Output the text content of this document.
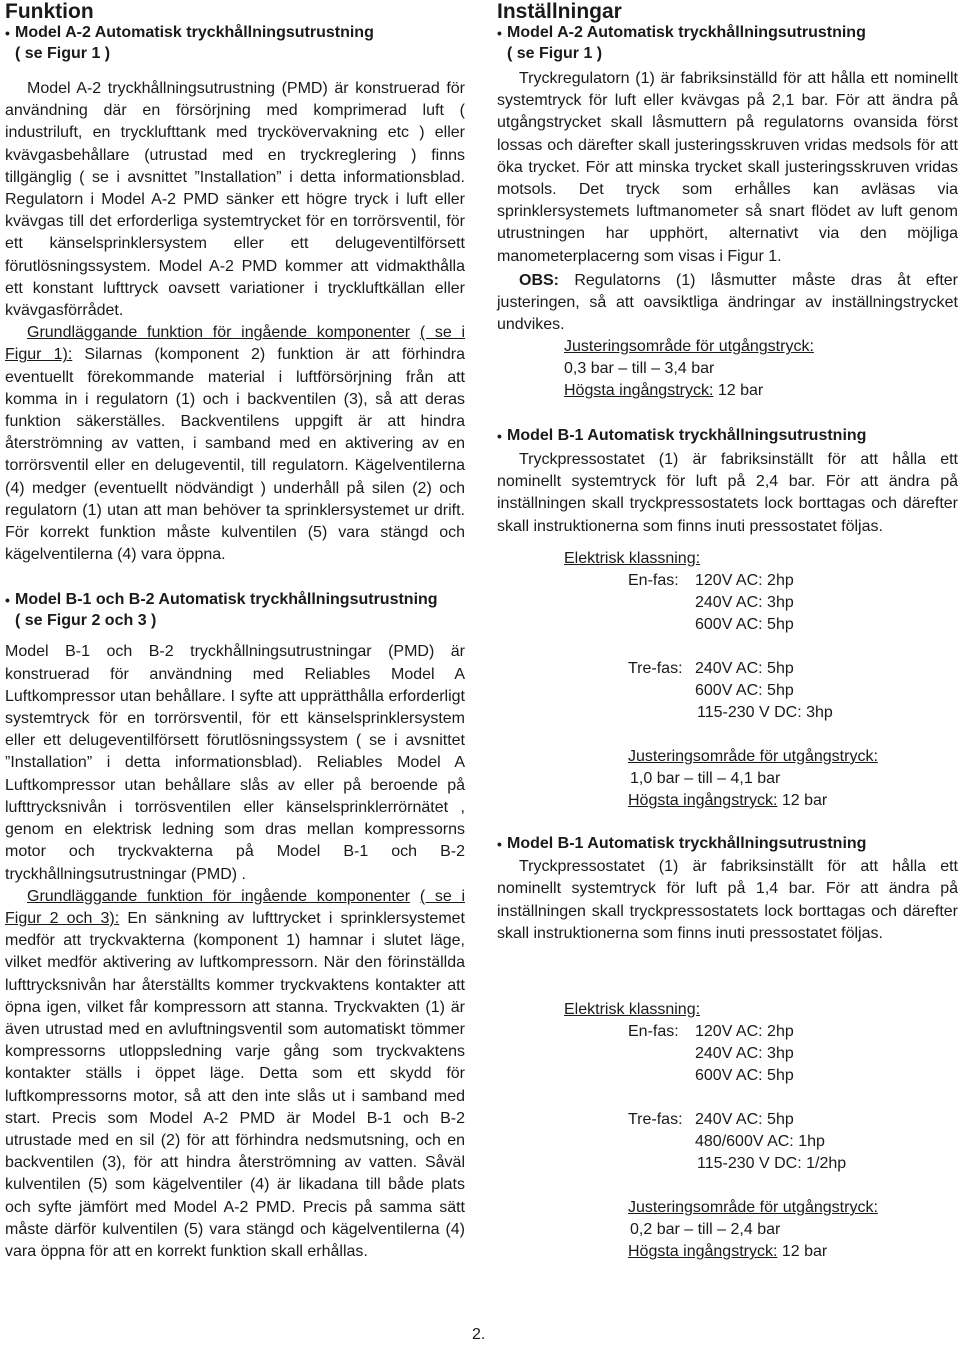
Funktion
• Model A-2 Automatisk tryckhållningsutrustning
( se Figur 1 )

Model A-2 tryckhållningsutrustning (PMD) är konstruerad för användning där en försörjning med komprimerad luft ( industriluft, en trycklufttank med tryckövervakning etc ) eller kvävgasbehållare (utrustad med en tryckreglering ) finns tillgänglig ( se i avsnittet ”Installation” i detta informationsblad. Regulatorn i Model A-2 PMD sänker ett högre tryck i luft eller kvävgas till det erforderliga systemtrycket för en torrörsventil, för ett känselsprinklersystem eller ett delugeventilförsett förutlösningssystem. Model A-2 PMD kommer att vidmakthålla ett konstant lufttryck oavsett variationer i tryckluftkällan eller kvävgasförrådet.

Grundläggande funktion för ingående komponenter ( se i Figur 1): Silarnas (komponent 2) funktion är att förhindra eventuellt förekommande material i luftförsörjning från att komma in i regulatorn (1) och i backventilen (3), så att deras funktion säkerställes. Backventilens uppgift är att hindra återströmning av vatten, i samband med en aktivering av en torrörsventil eller en delugeventil, till regulatorn. Kägelventilerna (4) medger (eventuellt nödvändigt ) underhåll på silen (2) och regulatorn (1) utan att man behöver ta sprinklersystemet ur drift. För korrekt funktion måste kulventilen (5) vara stängd och kägelventilerna (4) vara öppna.

• Model B-1 och B-2 Automatisk tryckhållningsutrustning
( se Figur 2 och 3 )

Model B-1 och B-2 tryckhållningsutrustningar (PMD) är konstruerad för användning med Reliables Model A Luftkompressor utan behållare. I syfte att upprätthålla erforderligt systemtryck för en torrörsventil, för ett känselsprinklersystem eller ett delugeventilförsett förutlösningssystem ( se i avsnittet ”Installation” i detta informationsblad). Reliables Model A Luftkompressor utan behållare slås av eller på beroende på lufttrycksnivån i torrösventilen eller känselsprinklerrörnätet , genom en elektrisk ledning som dras mellan kompressorns motor och tryckvakterna på Model B-1 och B-2 tryckhållningsutrustningar (PMD) .

Grundläggande funktion för ingående komponenter ( se i Figur 2 och 3): En sänkning av lufttrycket i sprinklersystemet medför att tryckvakterna (komponent 1) hamnar i slutet läge, vilket medför aktivering av luftkompressorn. När den förinställda lufttrycksnivån har återställts kommer tryckvaktens kontakter att öpna igen, vilket får kompressorn att stanna. Tryckvakten (1) är även utrustad med en avluftningsventil som automatiskt tömmer kompressorns utloppsledning varje gång som tryckvaktens kontakter ställs i öppet läge. Detta som ett skydd för luftkompressorns motor, så att den inte slås ut i samband med start. Precis som Model A-2 PMD är Model B-1 och B-2 utrustade med en sil (2) för att förhindra nedsmutsning, och en backventilen (3), för att hindra återströmning av vatten. Såväl kulventilen (5) som kägelventiler (4) är likadana till både plats och syfte jämfört med Model A-2 PMD. Precis på samma sätt måste därför kulventilen (5) vara stängd och kägelventilerna (4) vara öppna för att en korrekt funktion skall erhållas.

Inställningar
• Model A-2 Automatisk tryckhållningsutrustning
( se Figur 1 )

Tryckregulatorn (1) är fabriksinställd för att hålla ett nominellt systemtryck för luft eller kvävgas på 2,1 bar. För att ändra på utgångstrycket skall låsmuttern på regulatorns ovansida först lossas och därefter skall justeringsskruven vridas medsols för att öka trycket. För att minska trycket skall justeringsskruven vridas motsols. Det tryck som erhålles kan avläsas via sprinklersystemets luftmanometer så snart flödet av luft genom utrustningen har upphört, alternativt via den möjliga manometerplacerng som visas i Figur 1.

OBS: Regulatorns (1) låsmutter måste dras åt efter justeringen, så att oavsiktliga ändringar av inställningstrycket undvikes.

Justeringsområde för utgångstryck:
0,3 bar – till – 3,4 bar
Högsta ingångstryck: 12 bar
• Model B-1 Automatisk tryckhållningsutrustning

Tryckpressostatet (1) är fabriksinställt för att hålla ett nominellt systemtryck för luft på 2,4 bar. För att ändra på inställningen skall tryckpressostatets lock borttagas och därefter skall instruktionerna som finns inuti pressostatet följas.

Elektrisk klassning:
En-fas: 120V AC: 2hp
240V AC: 3hp
600V AC: 5hp
Tre-fas: 240V AC: 5hp
600V AC: 5hp
115-230 V DC: 3hp
Justeringsområde för utgångstryck:
1,0 bar – till – 4,1 bar
Högsta ingångstryck: 12 bar
• Model B-1 Automatisk tryckhållningsutrustning

Tryckpressostatet (1) är fabriksinställt för att hålla ett nominellt systemtryck för luft på 1,4 bar. För att ändra på inställningen skall tryckpressostatets lock borttagas och därefter skall instruktionerna som finns inuti pressostatet följas.

Elektrisk klassning:
En-fas: 120V AC: 2hp
240V AC: 3hp
600V AC: 5hp
Tre-fas: 240V AC: 5hp
480/600V AC: 1hp
115-230 V DC: 1/2hp
Justeringsområde för utgångstryck:
0,2 bar – till – 2,4 bar
Högsta ingångstryck: 12 bar
2.
